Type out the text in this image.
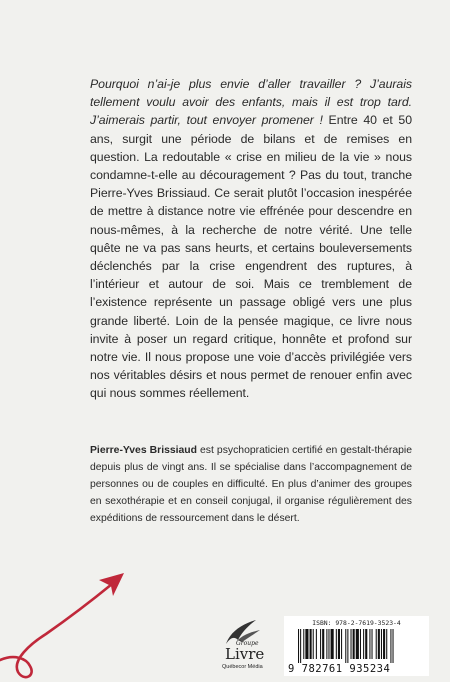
Pourquoi n’ai-je plus envie d’aller travailler ? J’aurais tellement voulu avoir des enfants, mais il est trop tard. J’aimerais partir, tout envoyer promener ! Entre 40 et 50 ans, surgit une période de bilans et de remises en question. La redoutable « crise en milieu de la vie » nous condamne-t-elle au découragement ? Pas du tout, tranche Pierre-Yves Brissiaud. Ce serait plutôt l’occasion inespérée de mettre à distance notre vie effrénée pour descendre en nous-mêmes, à la recherche de notre vérité. Une telle quête ne va pas sans heurts, et certains bouleversements déclenchés par la crise engendrent des ruptures, à l’intérieur et autour de soi. Mais ce tremblement de l’existence représente un passage obligé vers une plus grande liberté. Loin de la pensée magique, ce livre nous invite à poser un regard critique, honnête et profond sur notre vie. Il nous propose une voie d’accès privilégiée vers nos véritables désirs et nous permet de renouer enfin avec qui nous sommes réellement.
Pierre-Yves Brissiaud est psychopraticien certifié en gestalt-thérapie depuis plus de vingt ans. Il se spécialise dans l’accompagnement de personnes ou de couples en difficulté. En plus d’animer des groupes en sexothérapie et en conseil conjugal, il organise régulièrement des expéditions de ressourcement dans le désert.
Groupe
Livre
Québecor Média
ISBN: 978-2-7619-3523-4
9 782761 935234
